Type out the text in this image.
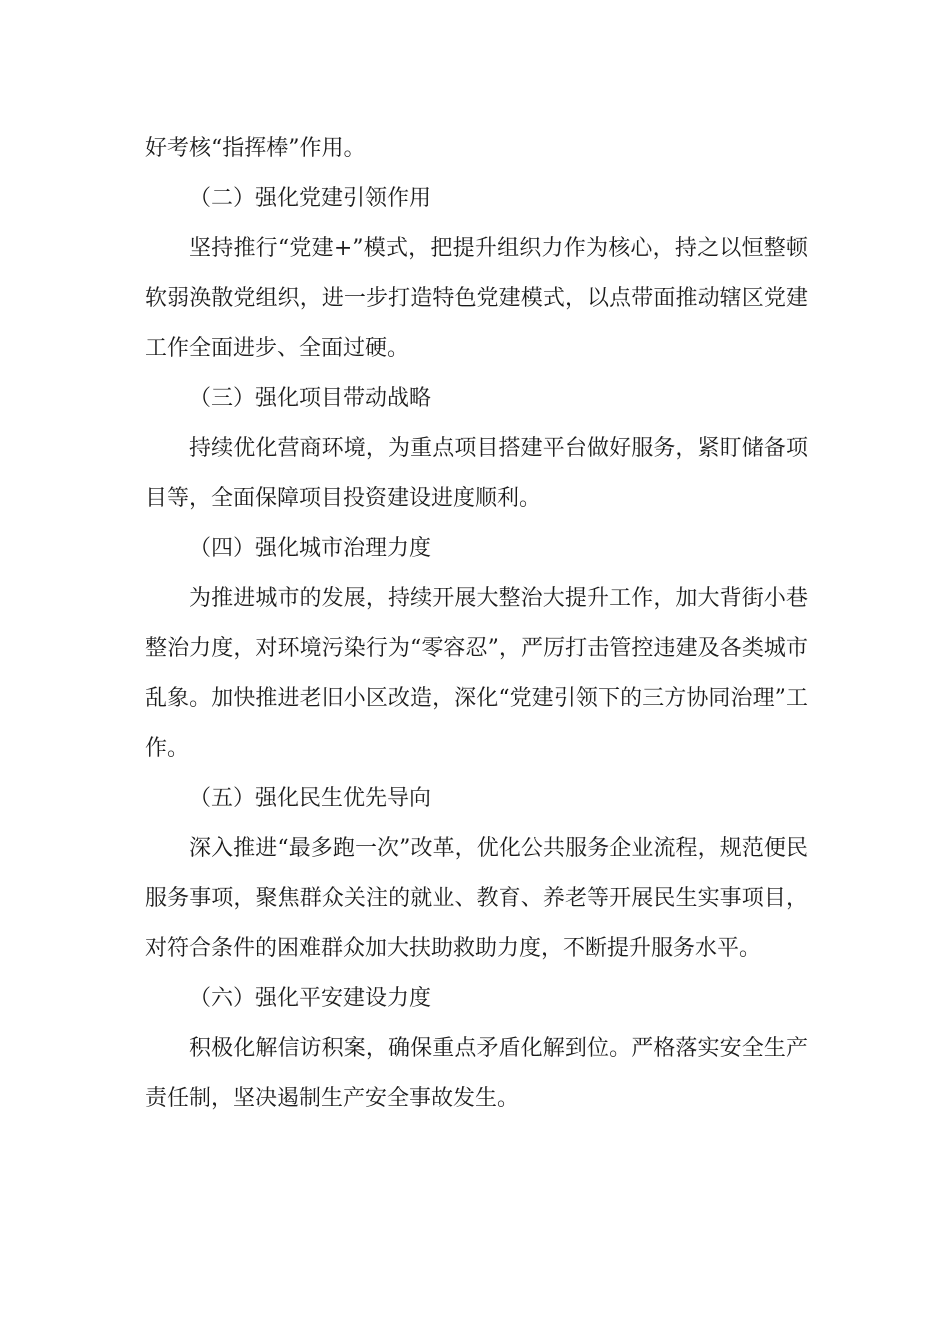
好考核“指挥棒”作用。

（二）强化党建引领作用

坚持推行“党建+”模式，把提升组织力作为核心，持之以恒整顿软弱涣散党组织，进一步打造特色党建模式，以点带面推动辖区党建工作全面进步、全面过硬。

（三）强化项目带动战略

持续优化营商环境，为重点项目搭建平台做好服务，紧盯储备项目等，全面保障项目投资建设进度顺利。

（四）强化城市治理力度

为推进城市的发展，持续开展大整治大提升工作，加大背街小巷整治力度，对环境污染行为“零容忍”，严厉打击管控违建及各类城市乱象。加快推进老旧小区改造，深化“党建引领下的三方协同治理”工作。

（五）强化民生优先导向

深入推进“最多跑一次”改革，优化公共服务企业流程，规范便民服务事项，聚焦群众关注的就业、教育、养老等开展民生实事项目，对符合条件的困难群众加大扶助救助力度，不断提升服务水平。

（六）强化平安建设力度

积极化解信访积案，确保重点矛盾化解到位。严格落实安全生产责任制，坚决遏制生产安全事故发生。
